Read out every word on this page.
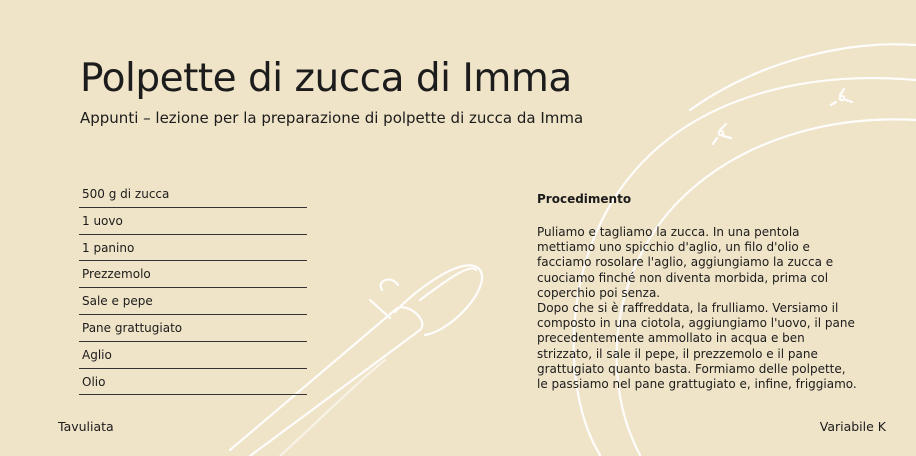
Polpette di zucca di Imma

Appunti – lezione per la preparazione di polpette di zucca da Imma

500 g di zucca
1 uovo
1 panino
Prezzemolo
Sale e pepe
Pane grattugiato
Aglio
Olio
Procedimento

Puliamo e tagliamo la zucca. In una pentola mettiamo uno spicchio d'aglio, un filo d'olio e facciamo rosolare l'aglio, aggiungiamo la zucca e cuociamo finché non diventa morbida, prima col coperchio poi senza.

Dopo che si è raffreddata, la frulliamo. Versiamo il composto in una ciotola, aggiungiamo l'uovo, il pane precedentemente ammollato in acqua e ben strizzato, il sale il pepe, il prezzemolo e il pane grattugiato quanto basta. Formiamo delle polpette, le passiamo nel pane grattugiato e, infine, friggiamo.

Tavuliata	Variabile K
